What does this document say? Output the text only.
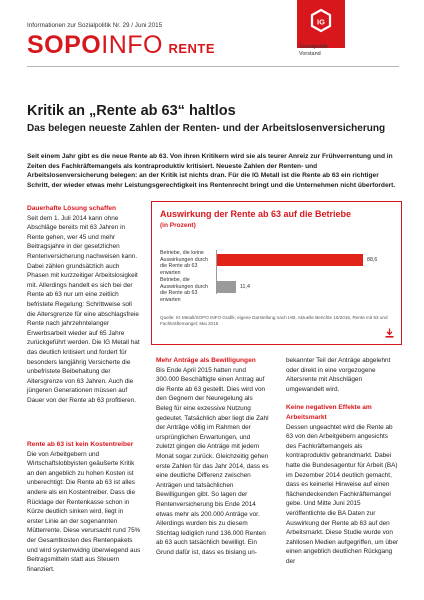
Informationen zur Sozialpolitik Nr. 29 / Juni 2015
SOPOINFO  RENTE
IG
Sozialpolitik
Vorstand
Kritik an „Rente ab 63“ haltlos
Das belegen neueste Zahlen der Renten- und der Arbeitslosenversicherung
Seit einem Jahr gibt es die neue Rente ab 63. Von ihren Kritikern wird sie als teurer Anreiz zur Frühverrentung und in Zeiten des Fachkräftemangels als kontraproduktiv kritisiert. Neueste Zahlen der Renten- und Arbeitslosenversicherung belegen: an der Kritik ist nichts dran. Für die IG Metall ist die Rente ab 63 ein richtiger Schritt, der wieder etwas mehr Leistungsgerechtigkeit ins Rentenrecht bringt und die Unternehmen nicht überfordert.
Dauerhafte Lösung schaffen

Seit dem 1. Juli 2014 kann ohne Abschläge bereits mit 63 Jahren in Rente gehen, wer 45 und mehr Beitragsjahre in der gesetzlichen Rentenversicherung nachweisen kann. Dabei zählen grundsätzlich auch Phasen mit kurzzeitiger Arbeitslosigkeit mit. Allerdings handelt es sich bei der Rente ab 63 nur um eine zeitlich befristete Regelung: Schrittweise soll die Altersgrenze für eine abschlagsfreie Rente nach jahrzehntelanger Erwerbsarbeit wieder auf 65 Jahre zurückgeführt werden. Die IG Metall hat das deutlich kritisiert und fordert für besonders langjährig Versicherte die unbefristete Beibehaltung der Altersgrenze von 63 Jahren. Auch die jüngeren Generationen müssen auf Dauer von der Rente ab 63 profitieren.

Rente ab 63 ist kein Kostentreiber

Die von Arbeitgebern und Wirtschaftslobbyisten geäußerte Kritik an den angeblich zu hohen Kosten ist unberechtigt: Die Rente ab 63 ist alles andere als ein Kostentreiber. Dass die Rücklage der Rentenkasse schon in Kürze deutlich sinken wird, liegt in erster Linie an der sogenannten Mütterrente. Diese verursacht rund 75% der Gesamtkosten des Rentenpakets und wird systemwidrig überwiegend aus Beitragsmitteln statt aus Steuern finanziert.

Auswirkung der Rente ab 63 auf die Betriebe
(in Prozent)
Betriebe, die keine Auswirkungen durch die Rente ab 63 erwarten
Betriebe, die Auswirkungen durch die Rente ab 63 erwarten
88,6
11,4
Quelle: IG Metall/SOPO INFO Grafik; eigene Darstellung nach IAB, Aktuelle Berichte 16/2015, Rente mit 63 und Fachkräftemangel; Mai 2015
Mehr Anträge als Bewilligungen

Bis Ende April 2015 hatten rund 300.000 Beschäftigte einen Antrag auf die Rente ab 63 gestellt. Dies wird von den Gegnern der Neuregelung als Beleg für eine exzessive Nutzung gedeutet. Tatsächlich aber liegt die Zahl der Anträge völlig im Rahmen der ursprünglichen Erwartungen, und zuletzt gingen die Anträge mit jedem Monat sogar zurück. Gleichzeitig gehen erste Zahlen für das Jahr 2014, dass es eine deutliche Differenz zwischen Anträgen und tatsächlichen Bewilligungen gibt. So lagen der Rentenversicherung bis Ende 2014 etwas mehr als 200.000 Anträge vor. Allerdings wurden bis zu diesem Stichtag lediglich rund 136.000 Renten ab 63 auch tatsächlich bewilligt. Ein Grund dafür ist, dass es bislang un-

bekannter Teil der Anträge abgelehnt oder direkt in eine vorgezogene Altersrente mit Abschlägen umgewandelt wird.

Keine negativen Effekte am Arbeitsmarkt

Dessen ungeachtet wird die Rente ab 63 von den Arbeitgebern angesichts des Fachkräftemangels als kontraproduktiv gebrandmarkt. Dabei hatte die Bundesagentur für Arbeit (BA) im Dezember 2014 deutlich gemacht, dass es keinerlei Hinweise auf einen flächendeckenden Fachkräftemangel gebe. Und Mitte Juni 2015 veröffentlichte die BA Daten zur Auswirkung der Rente ab 63 auf den Arbeitsmarkt. Diese Studie wurde von zahllosen Medien aufgegriffen, um über einen angeblich deutlichen Rückgang der
